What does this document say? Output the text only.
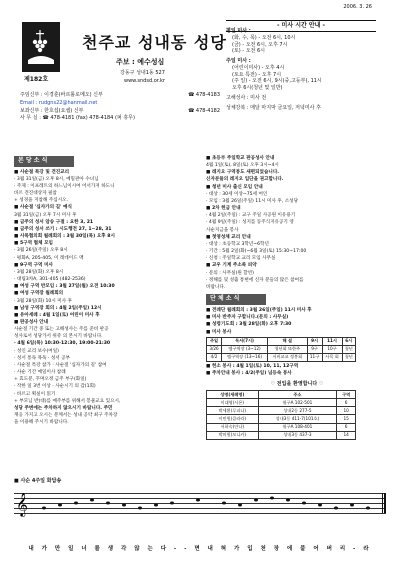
2006. 3. 26
제182호
천주교 성내동 성당
주보 : 예수성심
강동구 성내1동 527
www.sndsd.or.kr
주임신부 : 이경훈(바르톨로메오) 신부	☎ 478-4183
Email : rudgns22@hanmail.net
보좌신부 : 한호섭(요셉) 신부	☎ 478-4182
사 무 실 : ☎ 478-4181 (fax) 478-4184 (퍼 휴무)
- 미사 시간 안내 -
평일 미사 :
(화, 수, 목) - 오전 6시, 10시
(금) - 오전 6시, 오후 7시
(토) - 오전 6시
주일 미사 :
(어린이미사) - 오후 4시
(토요 특전) - 오후 7시
(주 일) - 오전 6시, 9시(중,고등부), 11시
오후 6시(청년 및 일반)
고해성사 : 미사 전
성체강복 : 매달 마지막 금요일, 저녁미사 후
본 당 소 식
■ 사순절 특강 및 견진교리
· 3월 31일(금) 오후 8시, 예밀관아 수녀님
· 주제 : 이프레트의 하느님이시여 어서가져 하도니
바르 견진대상자 필참
+ 성경을 지참해 주십시오.
■ 사순절 '십자가의 길' 예식
3월 31일(금) 오후 7시 미사 후
■ 금주의 성서 암송 구절 : 요한 3, 21
■ 금주의 성서 쓰기 : 시도행전 27, 1~28, 31
■ 사목협의회 월례회의 : 3월 30일(목) 오후 8시
■ 5구역 협체 모임
· 3월 26일(주일) 오후 8시
· 평화A, 205-405, 이 레데이드 맥
■ 9구역 구역 미사
· 3월 28일(화) 오후 8시
· 대림3차A, 301-405 (482-2536)
■ 여성 구역 반모임 : 3월 27일(월) 오전 10:30
■ 여성 구역장 월례회의
· 3월 28일(화) 10시 미사 후
■ 남성 구역장 회의 : 4월 2일(주일) 12시
■ 유아세례 : 4월 1일(토) 어린이 미사 후
■ 판공성사 안내
사순절 기간 중 또는 고해성사는 주를 준비 판공
성사로서 성당가서 위쥬 의 본시기 바랍니다.
· 4월 6일(목) 10:30-12:30, 19:00-21:30
· 성인 교리 보수(여일)
· 성서 통독 목독 · 성서 공부
· 사순절 특강 참가 · 사순절 '십자가의 길' 참여
· 사순 기간 예일이사 참례
+ 효도분, 꾸며오정 금주 부구(화일)
· 작한 일 3번 이상 · 사순시기 의 감(1회)
· 바르고 획실이 읽기
+ 부모님 반(대)를 예주부를 위해서 봉물교요 있으시,
성당 주변에는 주차하지 않으시기 바랍니다. 주민
재응 가지고 오시는 분께서는 성내 공약 최구 주차장
을 이용해 주시기 바랍니다.
■ 초등부 주일학교 판공성사 안내
4월 1일(토), 8일(토) 오후 3시~4시
■ 레지오 구역봉도 새편되었습니다.
신자분들의 레지오 입단을 권고합니다.
■ 청년 미사 출신 모임 안내
· 대상 : 30세 이상~75세 여인
· 모임 : 3월 26일(주일) 11시 미사 후, 소성당
■ 2차 헌금 안내
· 4월 2일(주일) : 교구 주일 사공원 이유용기
· 4월 9일(주일) : 성지를 동주식지유공기 영
사순지금을 봉사
■ 첫영성체 교리 안내
· 대상 : 초등학교 3학년~6학년
· 기간 : 5월 2일(화)~6월 3일(토) 15:30~17:00
· 신청 : 주일학교 교리 모임 사무실
■ 교우 기계 주소록 피약
· 문의 : 사무실(원 할빈)
· 정해를 및 성출 통현에 신자 분들의 많은 참여를
바랍니다.
단 체 소 식
■ 전례단 월례회의 : 3월 26일(주일) 11시 미사 후
■ 미사 반주자 구합니다.(문의 : 사무실)
■ 성령기도회 : 3월 28일(화) 오후 7:30
■ 미사 봉사
주일	독서(7시)	해 설	9시	11시	6시
3/26	엠구역장 (3~12)	청년회 또한주	9구	10구	청년
4/2	엠구역장 (13~16)	서비교교 정봉회	11구	사목 회	청년
■ 헌소 봉사 : 4월 1일(토) 10, 11, 12구역
■ 주차안내 봉사 : 4/2(주일) 넘등속 봉사
♡ 전입을 환영합니다 ♡
성명(세례명)	주소	구역
이대영(시몬)	월구A 102-501	6
박세환(루피나)	성내2동 277-5	10
이민원(클라라)	성내3동 411-7(101호)	15
서하숙(안나)	월구A 108-401	6
박미원(모니카)	성내3동 437-3	14
■ 사순 4주일 화답송
𝄞
내 가 만 일 너 를 생 각 않 는 다 - - 면 내 혀 가 입 천 장 에 붙 어 버 리 - 라
